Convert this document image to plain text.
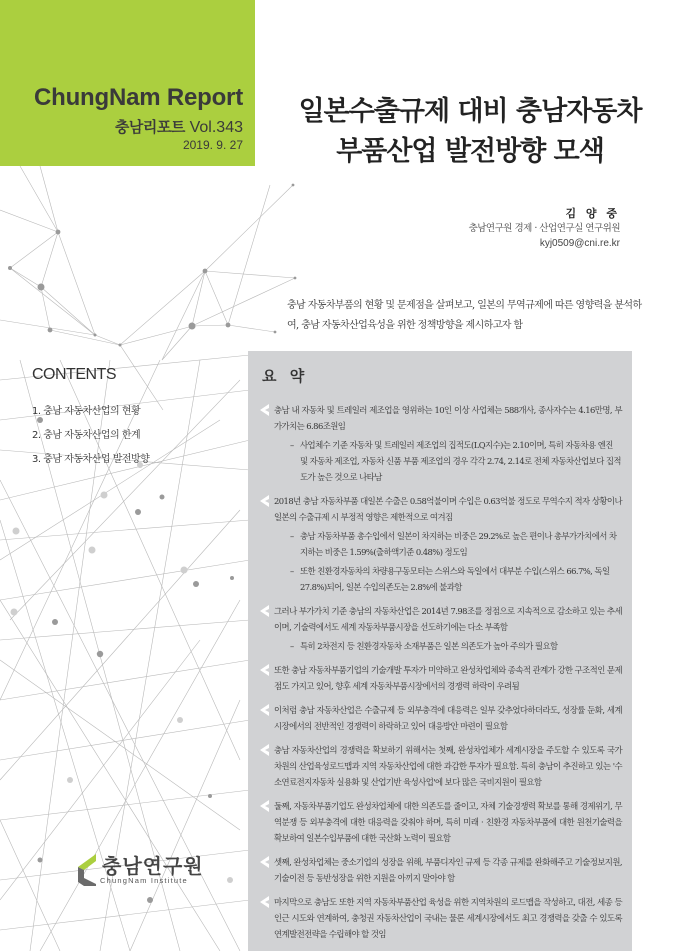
ChungNam Report
충남리포트 Vol.343
2019. 9. 27
일본수출규제 대비 충남자동차
부품산업 발전방향 모색
김 양 중
충남연구원 경제 · 산업연구실 연구위원
kyj0509@cni.re.kr
충남 자동차부품의 현황 및 문제점을 살펴보고, 일본의 무역규제에 따른 영향력을 분석하여, 충남 자동차산업육성을 위한 정책방향을 제시하고자 함
CONTENTS
1. 충남 자동차산업의 현황
2. 충남 자동차산업의 한계
3. 충남 자동차산업 발전방향
요 약
충남 내 자동차 및 트레일러 제조업을 영위하는 10인 이상 사업체는 588개사, 종사자수는 4.16만명, 부가가치는 6.86조원임
– 사업체수 기준 자동차 및 트레일러 제조업의 집적도(LQ지수)는 2.10이며, 특히 자동차용 엔진 및 자동차 제조업, 자동차 신품 부품 제조업의 경우 각각 2.74, 2.14로 전체 자동차산업보다 집적도가 높은 것으로 나타남
2018년 충남 자동차부품 대일본 수출은 0.58억불이며 수입은 0.63억불 정도로 무역수지 적자 상황이나 일본의 수출규제 시 부정적 영향은 제한적으로 여겨짐
– 충남 자동차부품 총수입에서 일본이 차지하는 비중은 29.2%로 높은 편이나 총부가가치에서 차지하는 비중은 1.59%(출하액기준 0.48%) 정도임
– 또한 친환경자동차의 차량용구동모터는 스위스와 독일에서 대부분 수입(스위스 66.7%, 독일 27.8%)되어, 일본 수입의존도는 2.8%에 불과함
그러나 부가가치 기준 충남의 자동차산업은 2014년 7.98조를 정점으로 지속적으로 감소하고 있는 추세이며, 기술력에서도 세계 자동차부품시장을 선도하기에는 다소 부족함
– 특히 2차전지 등 친환경자동차 소재부품은 일본 의존도가 높아 주의가 필요함
또한 충남 자동차부품기업의 기술개발 투자가 미약하고 완성차업체와 종속적 관계가 강한 구조적인 문제점도 가지고 있어, 향후 세계 자동차부품시장에서의 경쟁력 하락이 우려됨
이처럼 충남 자동차산업은 수출규제 등 외부충격에 대응력은 일부 갖추었다하더라도, 성장률 둔화, 세계시장에서의 전반적인 경쟁력이 하락하고 있어 대응방안 마련이 필요함
충남 자동차산업의 경쟁력을 확보하기 위해서는 첫째, 완성차업체가 세계시장을 주도할 수 있도록 국가차원의 산업육성로드맵과 지역 자동차산업에 대한 과감한 투자가 필요함. 특히 충남이 추진하고 있는 '수소연료전지자동차 실용화 및 산업기반 육성사업'에 보다 많은 국비지원이 필요함
둘째, 자동차부품기업도 완성차업체에 대한 의존도를 줄이고, 자체 기술경쟁력 확보를 통해 경제위기, 무역분쟁 등 외부충격에 대한 대응력을 갖춰야 하며, 특히 미래 · 친환경 자동차부품에 대한 원천기술력을 확보하여 일본수입부품에 대한 국산화 노력이 필요함
셋째, 완성차업체는 중소기업의 성장을 위해, 부품디자인 규제 등 각종 규제를 완화해주고 기술정보지원, 기술이전 등 동반성장을 위한 지원을 아끼지 말아야 함
마지막으로 충남도 또한 지역 자동차부품산업 육성을 위한 지역차원의 로드맵을 작성하고, 대전, 세종 등 인근 시도와 연계하여, 충청권 자동차산업이 국내는 물론 세계시장에서도 최고 경쟁력을 갖출 수 있도록 연계발전전략을 수립해야 할 것임
충남연구원
ChungNam Institute
